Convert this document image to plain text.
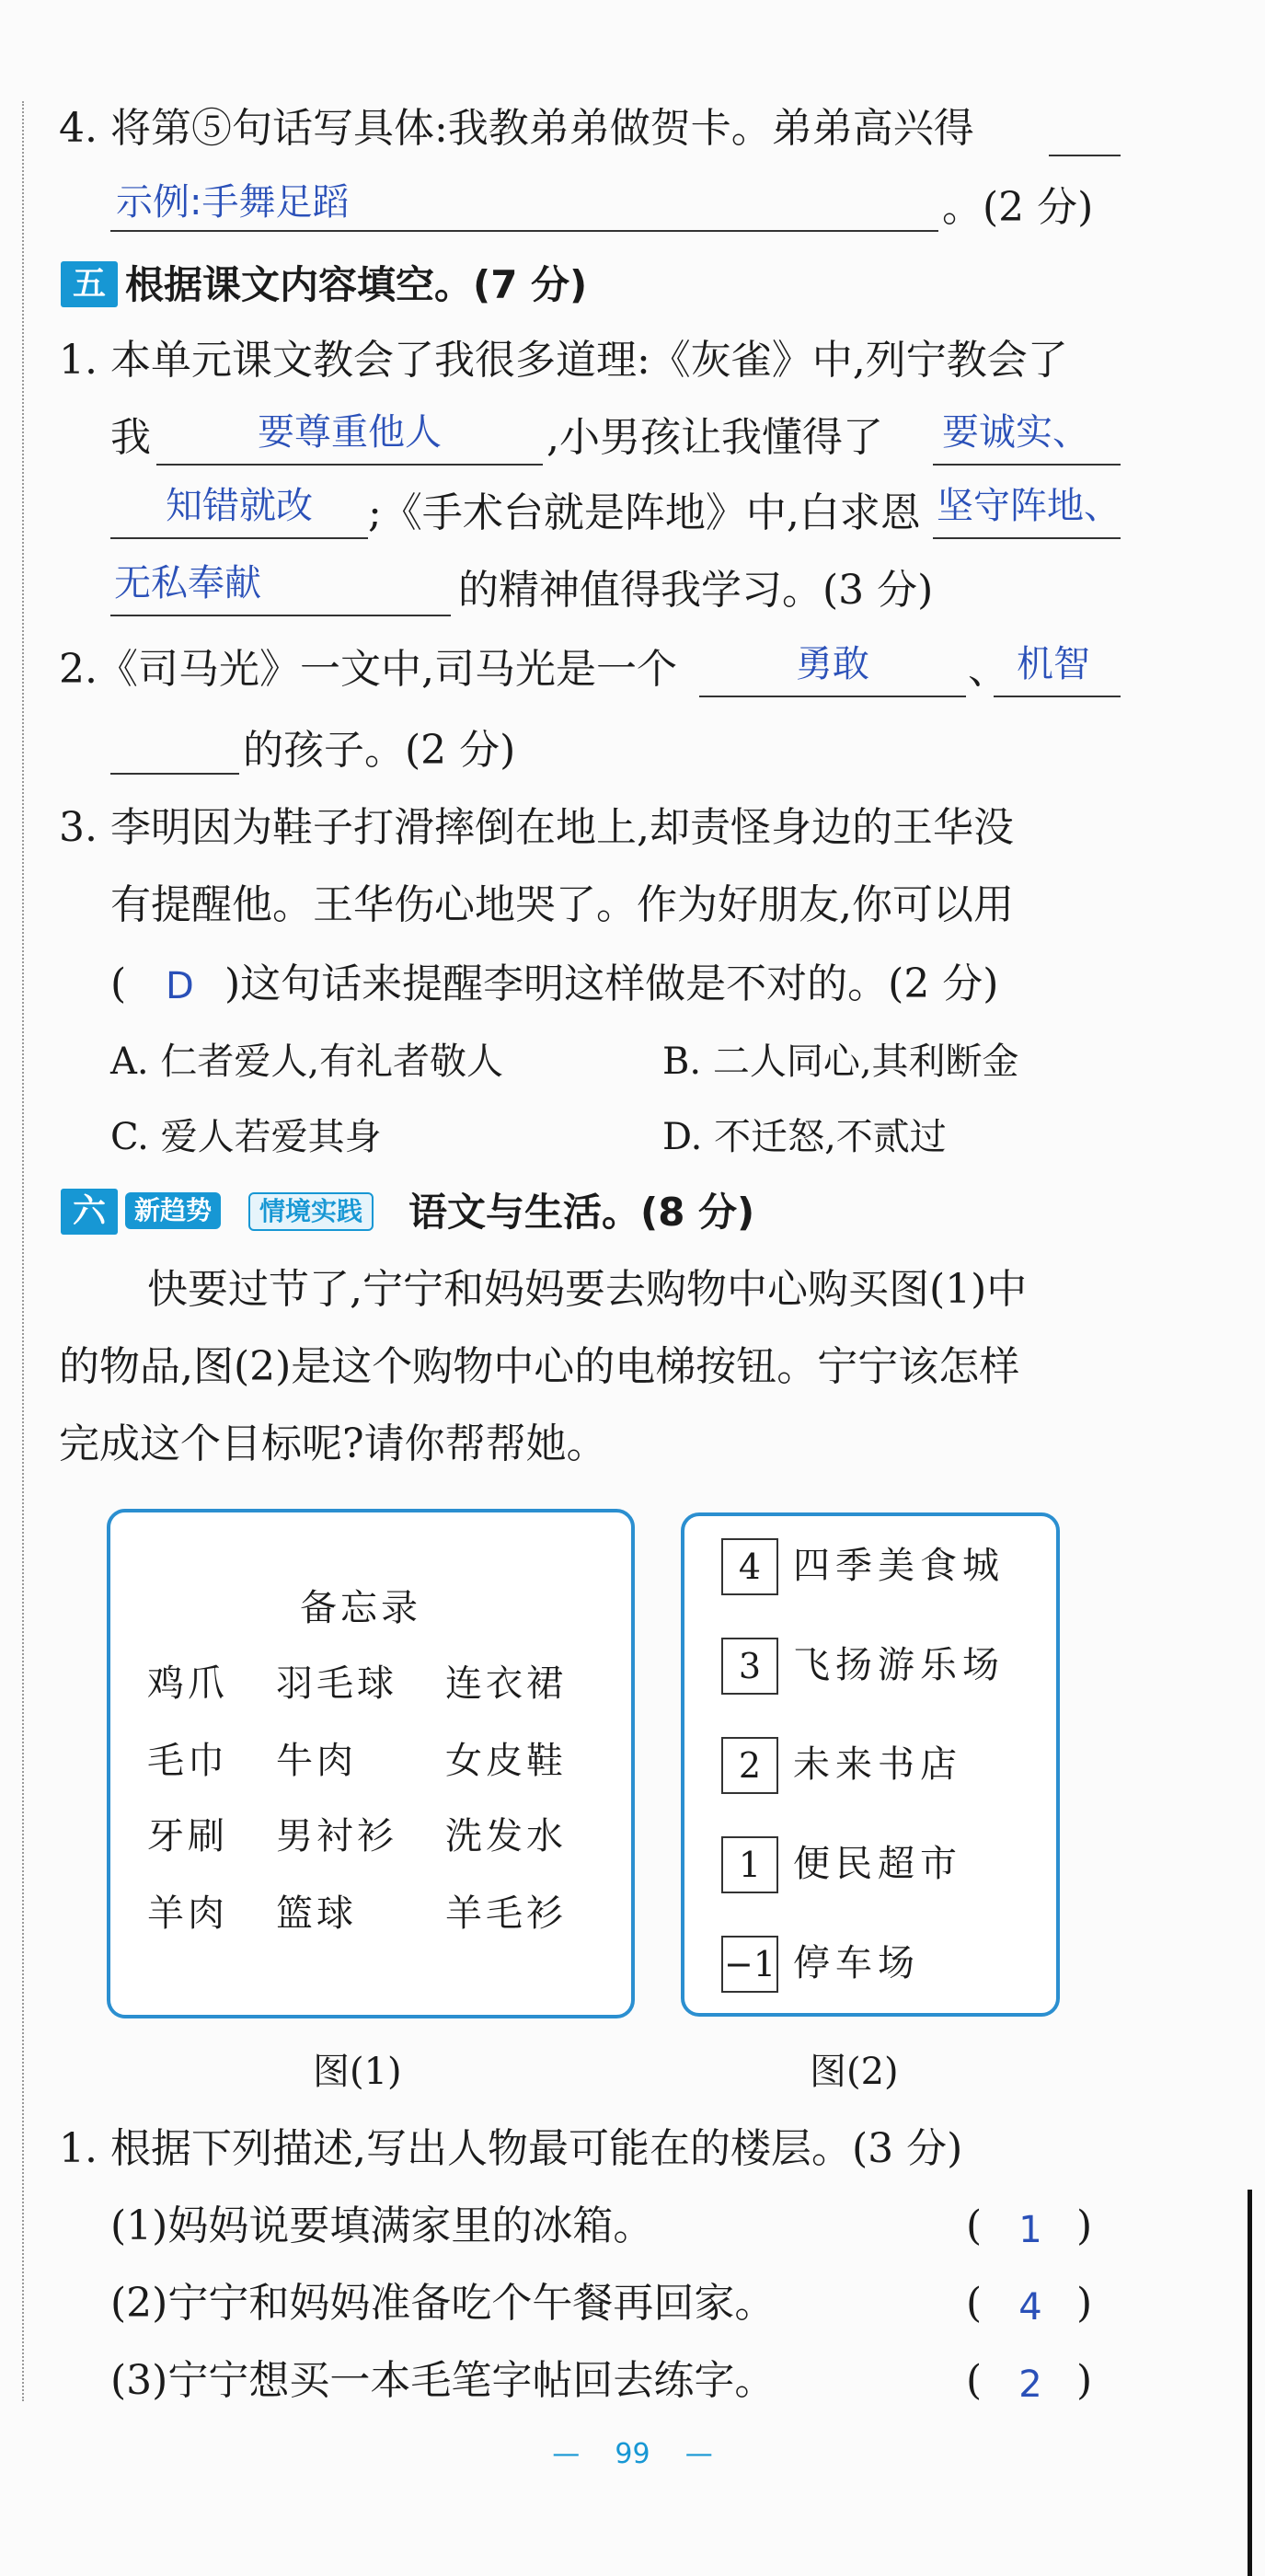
4. 将第⑤句话写具体:我教弟弟做贺卡。弟弟高兴得
示例:手舞足蹈	。(2 分)
五 根据课文内容填空。(7 分)
1. 本单元课文教会了我很多道理:《灰雀》中,列宁教会了
我	要尊重他人	,小男孩让我懂得了 要诚实、
知错就改	;《手术台就是阵地》中,白求恩 坚守阵地、
无私奉献	的精神值得我学习。(3 分)
2.《司马光》一文中,司马光是一个	勇敢	、 机智
的孩子。(2 分)
3. 李明因为鞋子打滑摔倒在地上,却责怪身边的王华没
有提醒他。王华伤心地哭了。作为好朋友,你可以用
( D )这句话来提醒李明这样做是不对的。(2 分)
A. 仁者爱人,有礼者敬人	B. 二人同心,其利断金
C. 爱人若爱其身	D. 不迁怒,不贰过
六	新趋势	情境实践 语文与生活。(8 分)
快要过节了,宁宁和妈妈要去购物中心购买图(1)中
的物品,图(2)是这个购物中心的电梯按钮。宁宁该怎样
完成这个目标呢?请你帮帮她。
备忘录
鸡爪 羽毛球 连衣裙
毛巾 牛肉 女皮鞋
牙刷 男衬衫 洗发水
羊肉 篮球 羊毛衫
4 四季美食城
3 飞扬游乐场
2 未来书店
1 便民超市
−1 停车场
图(1)	图(2)
1. 根据下列描述,写出人物最可能在的楼层。(3 分)
(1)妈妈说要填满家里的冰箱。	(	1 )
(2)宁宁和妈妈准备吃个午餐再回家。	(	4 )
(3)宁宁想买一本毛笔字帖回去练字。	(	2 )
— 99 —
